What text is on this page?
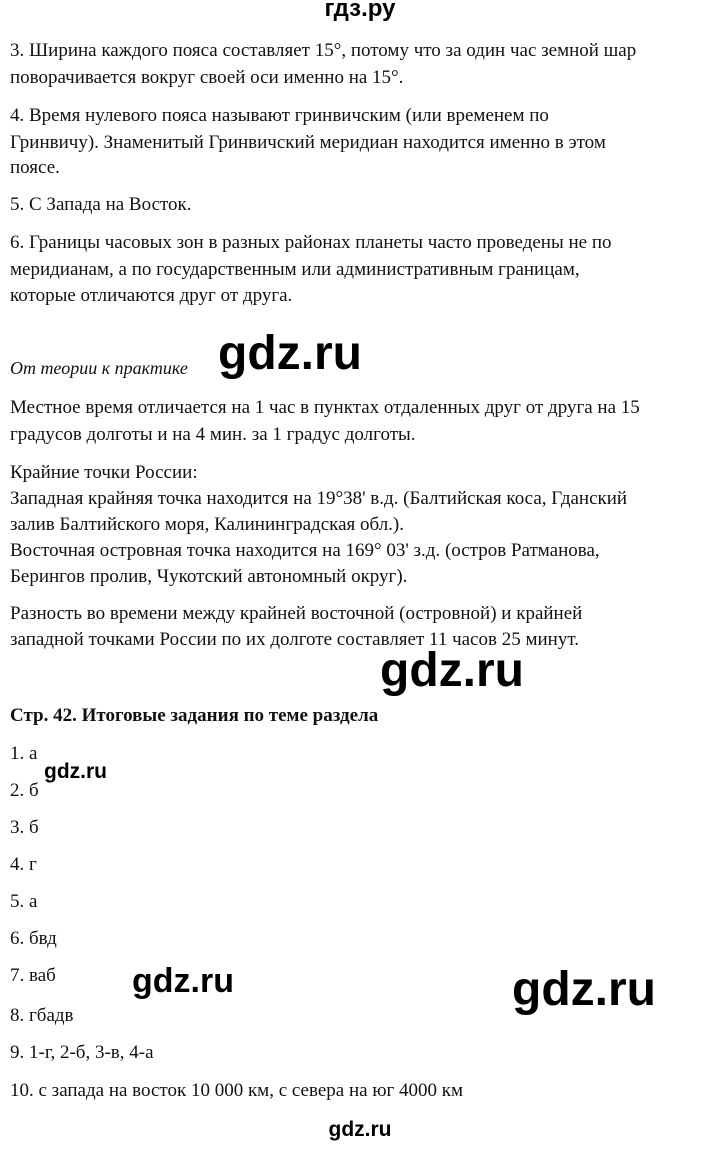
гдз.ру
3. Ширина каждого пояса составляет 15°, потому что за один час земной шар
поворачивается вокруг своей оси именно на 15°.
4. Время нулевого пояса называют гринвичским (или временем по
Гринвичу). Знаменитый Гринвичский меридиан находится именно в этом
поясе.
5. С Запада на Восток.
6. Границы часовых зон в разных районах планеты часто проведены не по
меридианам, а по государственным или административным границам,
которые отличаются друг от друга.
gdz.ru
От теории к практике
Местное время отличается на 1 час в пунктах отдаленных друг от друга на 15
градусов долготы и на 4 мин. за 1 градус долготы.
Крайние точки России:
Западная крайняя точка находится на 19°38' в.д. (Балтийская коса, Гданский
залив Балтийского моря, Калининградская обл.).
Восточная островная точка находится на 169° 03' з.д. (остров Ратманова,
Берингов пролив, Чукотский автономный округ).
Разность во времени между крайней восточной (островной) и крайней
западной точками России по их долготе составляет 11 часов 25 минут.
gdz.ru
Стр. 42. Итоговые задания по теме раздела
1. а
gdz.ru
2. б
3. б
4. г
5. а
6. бвд
7. ваб gdz.ru	gdz.ru
8. гбадв
9. 1-г, 2-б, 3-в, 4-а
10. с запада на восток 10 000 км, с севера на юг 4000 км
gdz.ru
